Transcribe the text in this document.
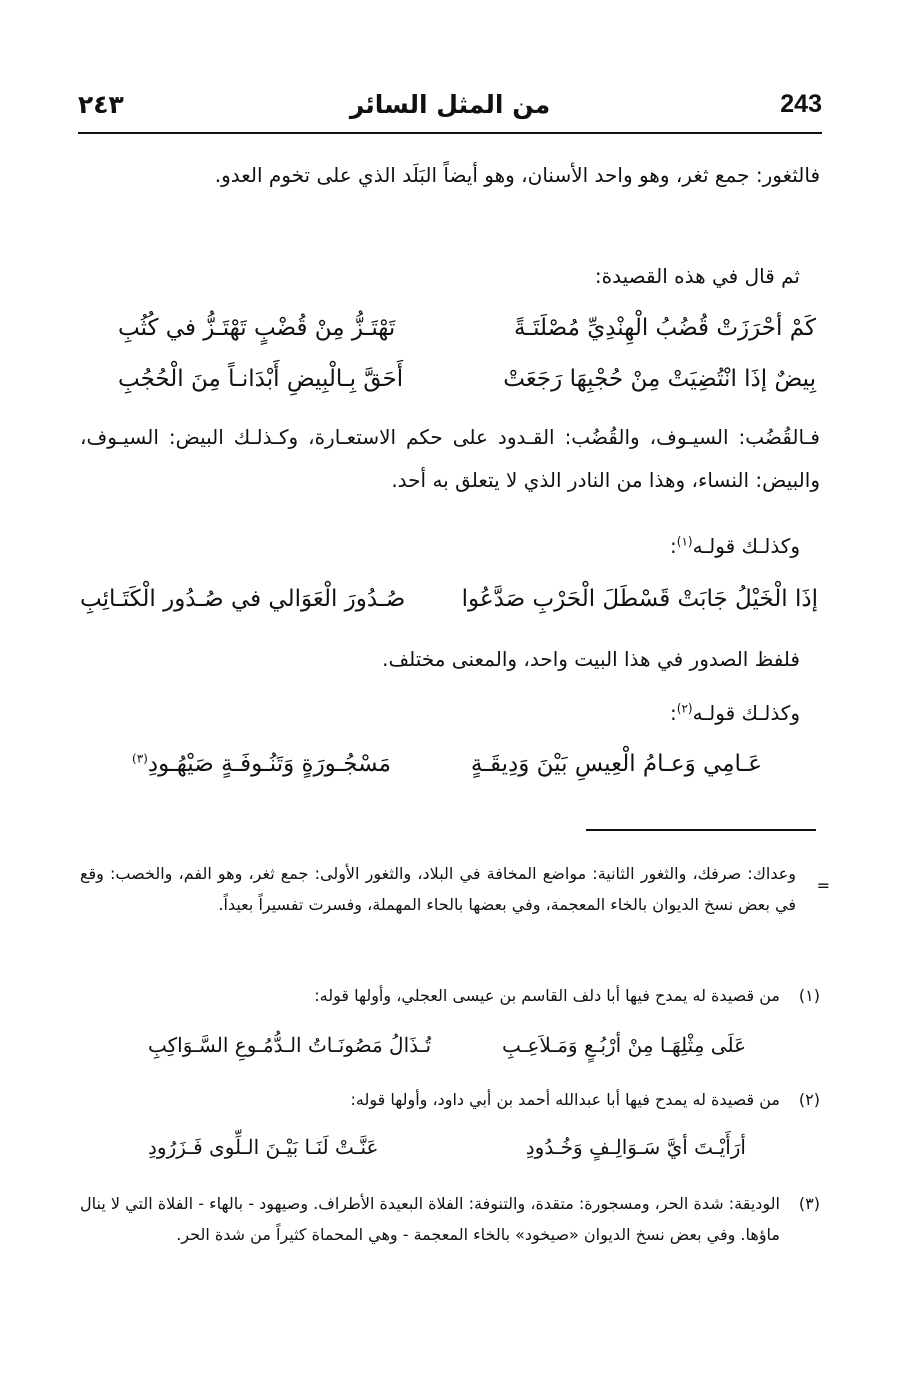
243
من المثل السائر
٢٤٣
فالثغور: جمع ثغر، وهو واحد الأسنان، وهو أيضاً البَلَد الذي على تخوم العدو.
ثم قال في هذه القصيدة:
كَمْ أحْرَزَتْ قُضُبُ الْهِنْدِيِّ مُصْلَتَـةً
تَهْتَـزُّ مِنْ قُضْبٍ تَهْتَـزُّ في كُثُبِ
بِيضٌ إذَا انْتُضِيَتْ مِنْ حُجْبِهَا رَجَعَتْ
أَحَقَّ بِـالْبِيضِ أَبْدَانـاً مِنَ الْحُجُبِ
فـالقُضُب: السيـوف، والقُضُب: القـدود على حكم الاستعـارة، وكـذلـك البيض: السيـوف، والبيض: النساء، وهذا من النادر الذي لا يتعلق به أحد.
وكذلـك قولـه$^{(١)}$:
إذَا الْخَيْلُ جَابَتْ قَسْطَلَ الْحَرْبِ صَدَّعُوا
صُـدُورَ الْعَوَالي في صُـدُور الْكَتَـائِبِ
فلفظ الصدور في هذا البيت واحد، والمعنى مختلف.
وكذلـك قولـه$^{(٢)}$:
عَـامِي وَعـامُ الْعِيسِ بَيْنَ وَدِيقَـةٍ
مَسْجُـورَةٍ وَتَنُـوفَـةٍ صَيْهُـودِ$^{(٣)}$
=
وعداك: صرفك، والثغور الثانية: مواضع المخافة في البلاد، والثغور الأولى: جمع ثغر، وهو الفم، والخصب: وقع في بعض نسخ الديوان بالخاء المعجمة، وفي بعضها بالحاء المهملة، وفسرت تفسيراً بعيداً.
(١)
من قصيدة له يمدح فيها أبا دلف القاسم بن عيسى العجلي، وأولها قوله:
عَلَى مِثْلِهَـا مِنْ أرْبُـعٍ وَمَـلاَعِـبِ
تُـذَالُ مَصُونَـاتُ الـدُّمُـوعِ السَّـوَاكِبِ
(٢)
من قصيدة له يمدح فيها أبا عبدالله أحمد بن أبي داود، وأولها قوله:
أرَأَيْـتَ أيَّ سَـوَالِـفٍ وَخُـدُودِ
عَنَّـتْ لَنَـا بَيْـنَ الـلِّوى فَـزَرُودِ
(٣)
الوديقة: شدة الحر، ومسجورة: متقدة، والتنوفة: الفلاة البعيدة الأطراف. وصيهود - بالهاء - الفلاة التي لا ينال ماؤها. وفي بعض نسخ الديوان «صيخود» بالخاء المعجمة - وهي المحماة كثيراً من شدة الحر.
